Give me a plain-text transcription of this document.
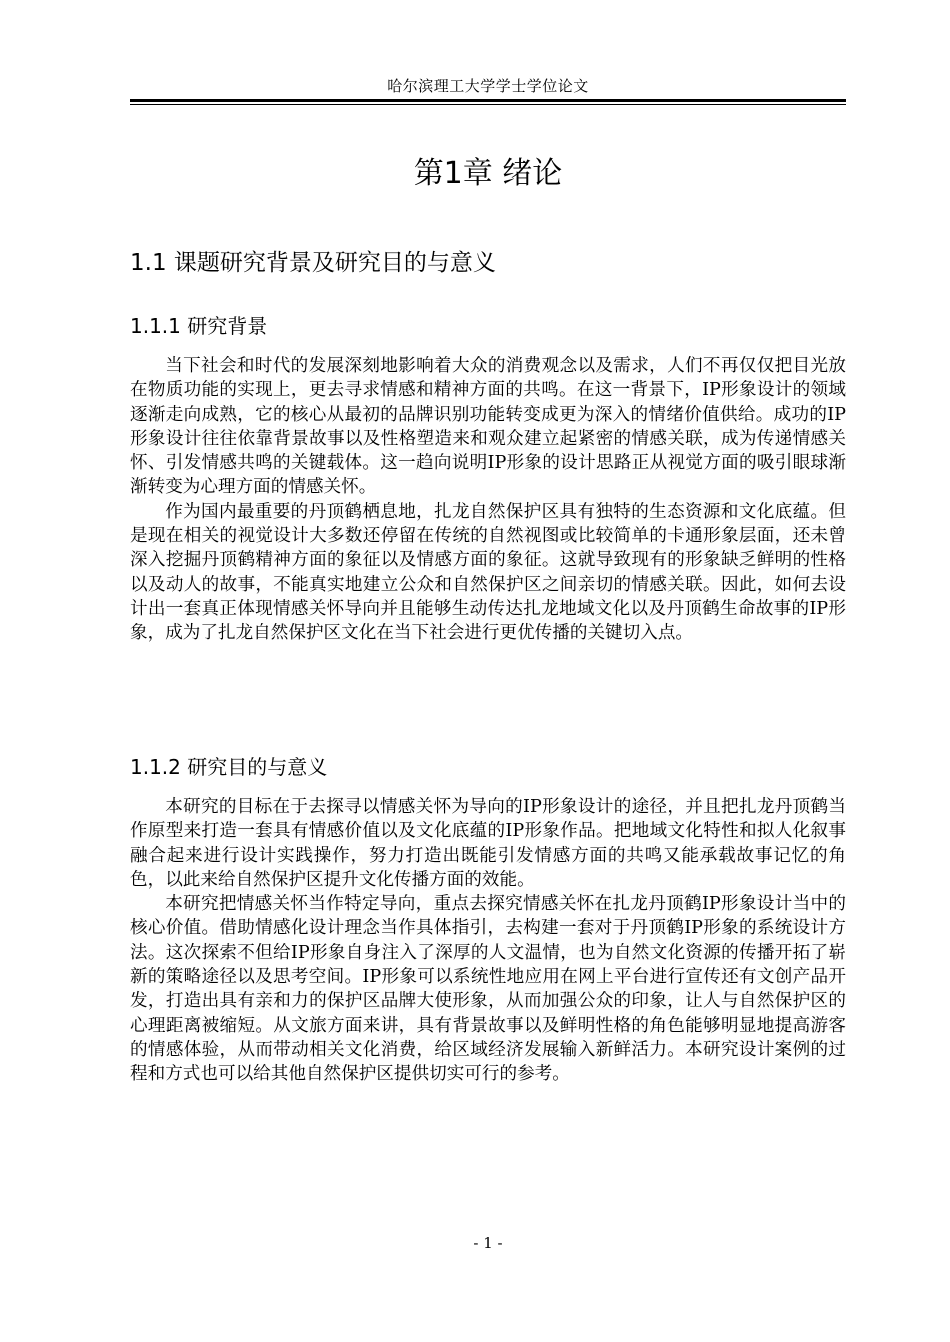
哈尔滨理工大学学士学位论文
第1章 绪论
1.1 课题研究背景及研究目的与意义
1.1.1 研究背景

当下社会和时代的发展深刻地影响着大众的消费观念以及需求，人们不再仅仅把目光放在物质功能的实现上，更去寻求情感和精神方面的共鸣。在这一背景下，IP形象设计的领域逐渐走向成熟，它的核心从最初的品牌识别功能转变成更为深入的情绪价值供给。成功的IP形象设计往往依靠背景故事以及性格塑造来和观众建立起紧密的情感关联，成为传递情感关怀、引发情感共鸣的关键载体。这一趋向说明IP形象的设计思路正从视觉方面的吸引眼球渐渐转变为心理方面的情感关怀。

作为国内最重要的丹顶鹤栖息地，扎龙自然保护区具有独特的生态资源和文化底蕴。但是现在相关的视觉设计大多数还停留在传统的自然视图或比较简单的卡通形象层面，还未曾深入挖掘丹顶鹤精神方面的象征以及情感方面的象征。这就导致现有的形象缺乏鲜明的性格以及动人的故事，不能真实地建立公众和自然保护区之间亲切的情感关联。因此，如何去设计出一套真正体现情感关怀导向并且能够生动传达扎龙地域文化以及丹顶鹤生命故事的IP形象，成为了扎龙自然保护区文化在当下社会进行更优传播的关键切入点。

1.1.2 研究目的与意义

本研究的目标在于去探寻以情感关怀为导向的IP形象设计的途径，并且把扎龙丹顶鹤当作原型来打造一套具有情感价值以及文化底蕴的IP形象作品。把地域文化特性和拟人化叙事融合起来进行设计实践操作，努力打造出既能引发情感方面的共鸣又能承载故事记忆的角色，以此来给自然保护区提升文化传播方面的效能。

本研究把情感关怀当作特定导向，重点去探究情感关怀在扎龙丹顶鹤IP形象设计当中的核心价值。借助情感化设计理念当作具体指引，去构建一套对于丹顶鹤IP形象的系统设计方法。这次探索不但给IP形象自身注入了深厚的人文温情，也为自然文化资源的传播开拓了崭新的策略途径以及思考空间。IP形象可以系统性地应用在网上平台进行宣传还有文创产品开发，打造出具有亲和力的保护区品牌大使形象，从而加强公众的印象，让人与自然保护区的心理距离被缩短。从文旅方面来讲，具有背景故事以及鲜明性格的角色能够明显地提高游客的情感体验，从而带动相关文化消费，给区域经济发展输入新鲜活力。本研究设计案例的过程和方式也可以给其他自然保护区提供切实可行的参考。

- 1 -
